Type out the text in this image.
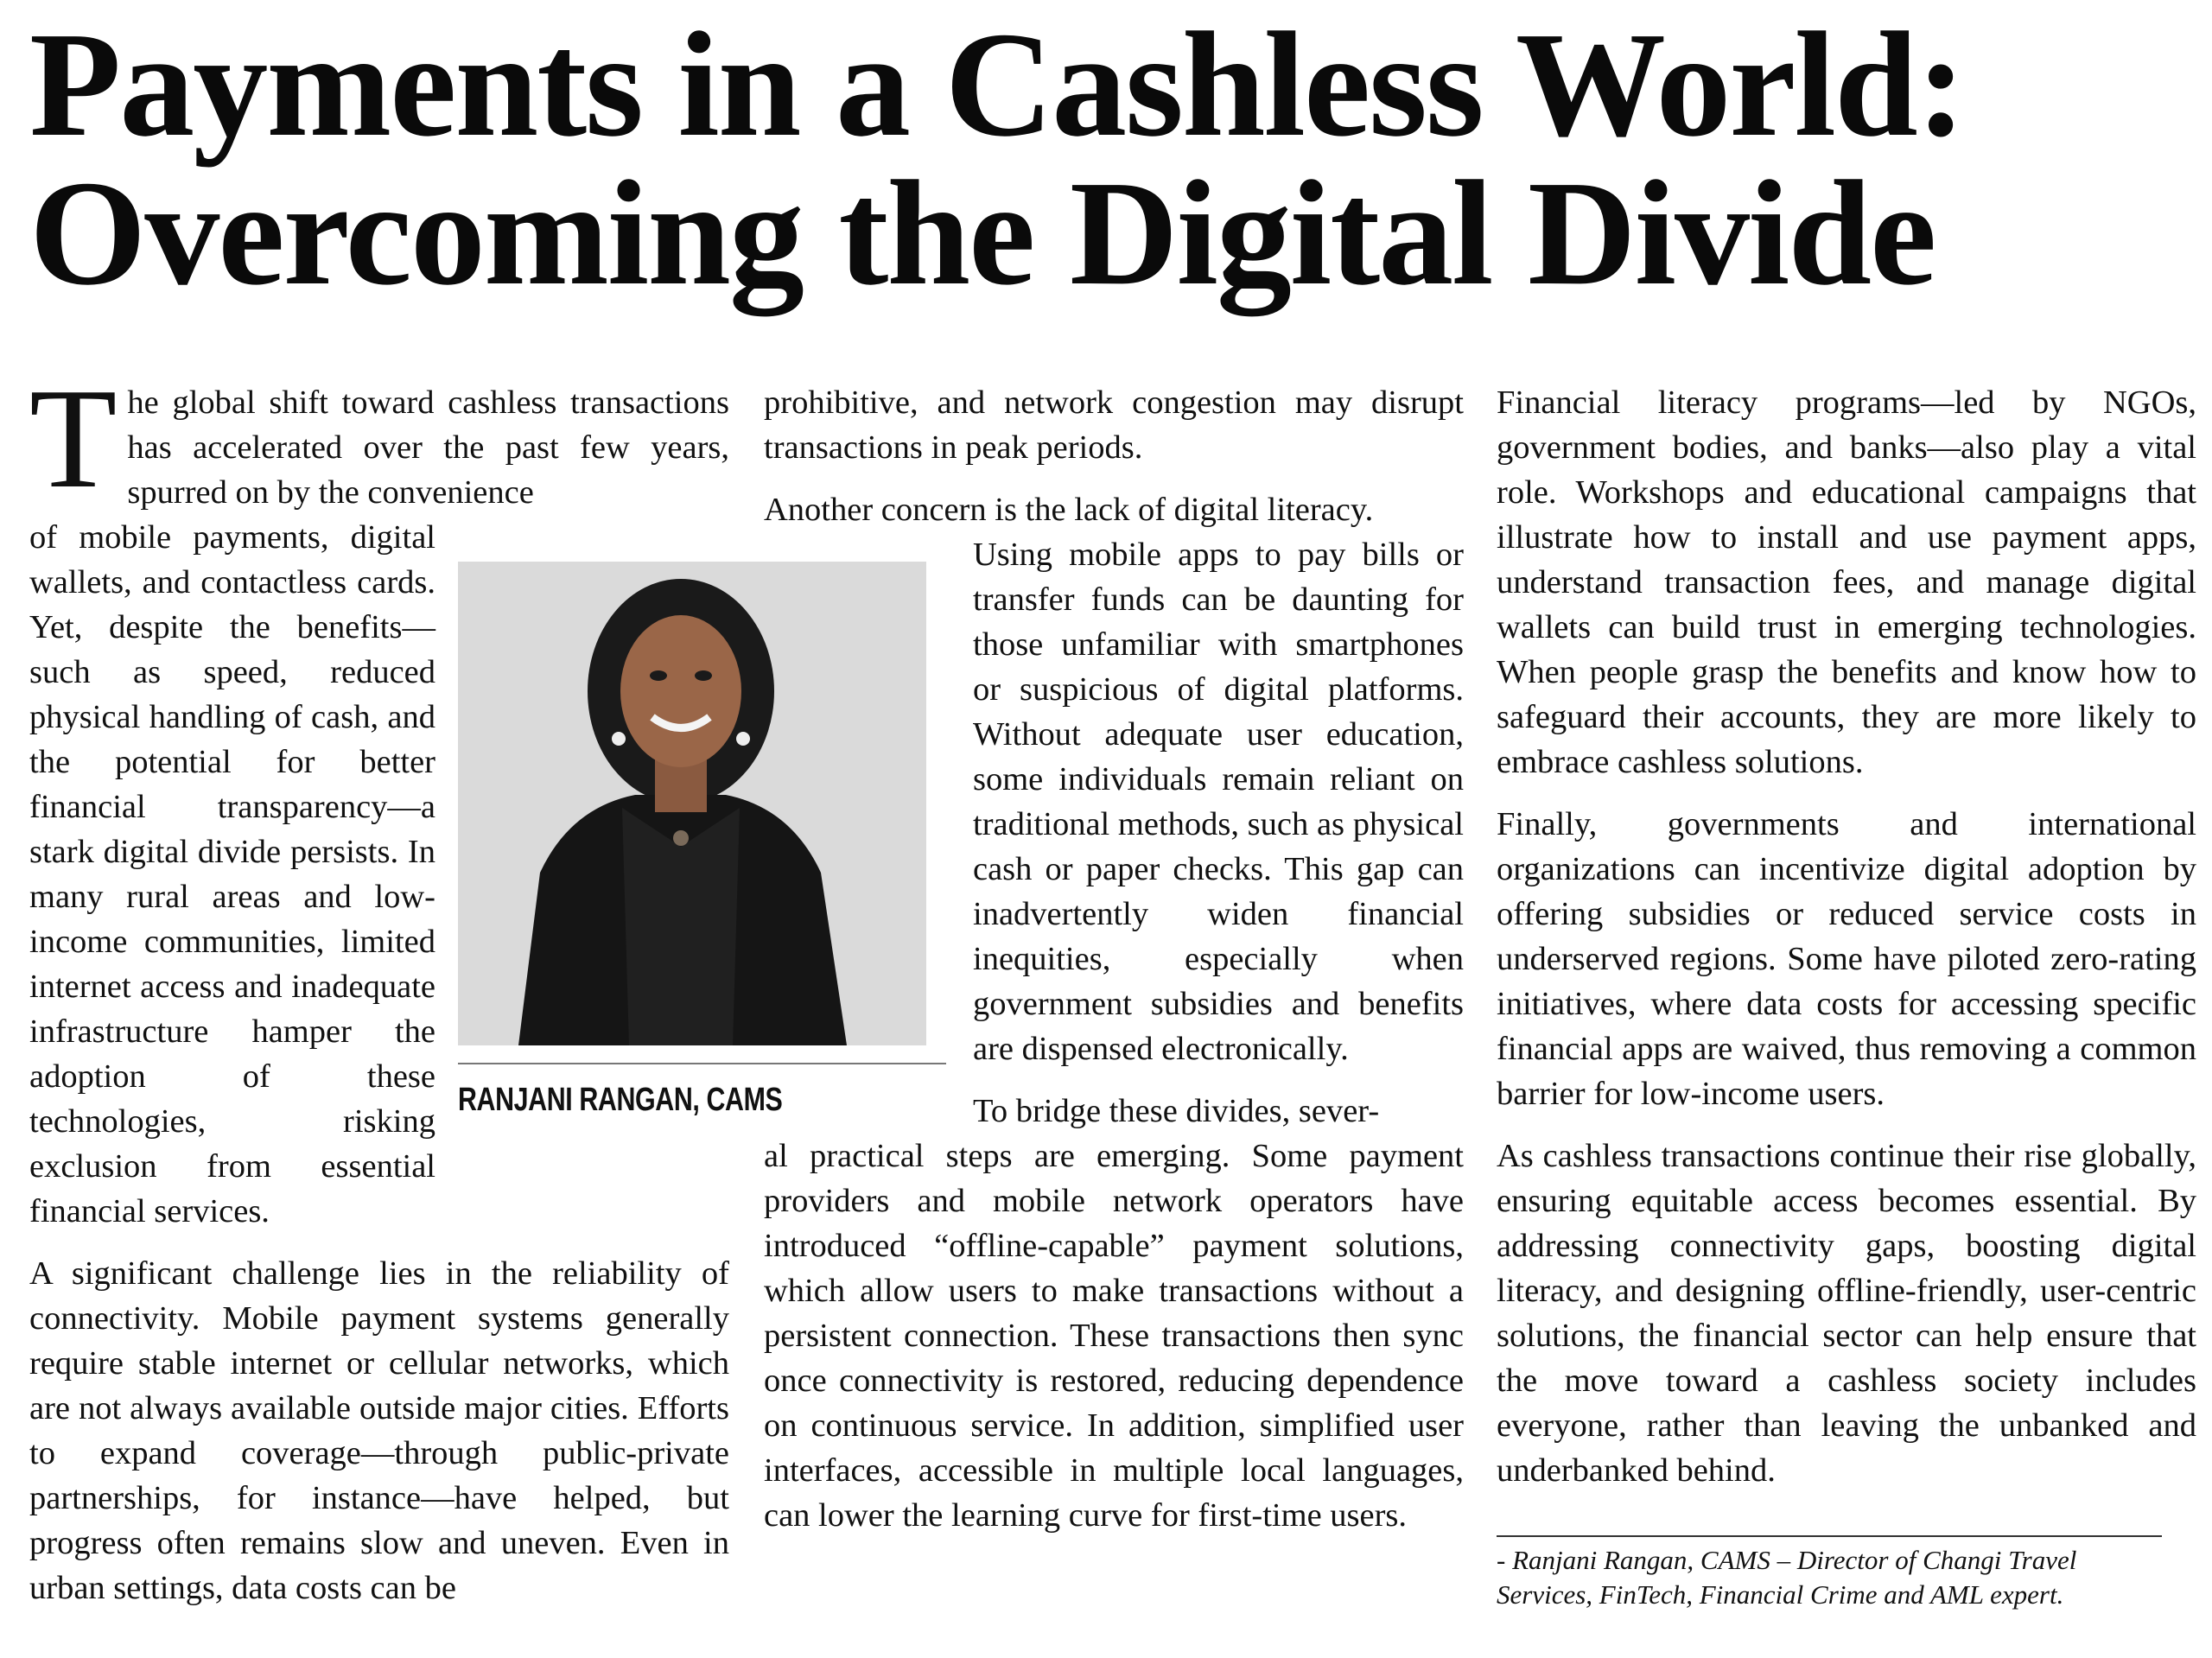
Payments in a Cashless World:
Overcoming the Digital Divide

T he global shift toward cashless transactions has accelerated over the past few years, spurred on by the convenience

of mobile payments, digital wallets, and contactless cards. Yet, despite the benefits—such as speed, reduced physical handling of cash, and the potential for better financial transparency—a stark digital divide persists. In many rural areas and low-income communities, limited internet access and inadequate infrastructure hamper the adoption of these technologies, risking exclusion from essential financial services.

A significant challenge lies in the reliability of connectivity. Mobile payment systems generally require stable internet or cellular networks, which are not always available outside major cities. Efforts to expand coverage—through public-private partnerships, for instance—have helped, but progress often remains slow and uneven. Even in urban settings, data costs can be

RANJANI RANGAN, CAMS

prohibitive, and network congestion may disrupt transactions in peak periods.

Another concern is the lack of digital literacy.

Using mobile apps to pay bills or transfer funds can be daunting for those unfamiliar with smartphones or suspicious of digital platforms. Without adequate user education, some individuals remain reliant on traditional methods, such as physical cash or paper checks. This gap can inadvertently widen financial inequities, especially when government subsidies and benefits are dispensed electronically.

To bridge these divides, sever-

al practical steps are emerging. Some payment providers and mobile network operators have introduced “offline-capable” payment solutions, which allow users to make transactions without a persistent connection. These transactions then sync once connectivity is restored, reducing dependence on continuous service. In addition, simplified user interfaces, accessible in multiple local languages, can lower the learning curve for first-time users.

Financial literacy programs—led by NGOs, government bodies, and banks—also play a vital role. Workshops and educational campaigns that illustrate how to install and use payment apps, understand transaction fees, and manage digital wallets can build trust in emerging technologies. When people grasp the benefits and know how to safeguard their accounts, they are more likely to embrace cashless solutions.

Finally, governments and international organizations can incentivize digital adoption by offering subsidies or reduced service costs in underserved regions. Some have piloted zero-rating initiatives, where data costs for accessing specific financial apps are waived, thus removing a common barrier for low-income users.

As cashless transactions continue their rise globally, ensuring equitable access becomes essential. By addressing connectivity gaps, boosting digital literacy, and designing offline-friendly, user-centric solutions, the financial sector can help ensure that the move toward a cashless society includes everyone, rather than leaving the unbanked and underbanked behind.

- Ranjani Rangan, CAMS – Director of Changi Travel Services, FinTech, Financial Crime and AML expert.
